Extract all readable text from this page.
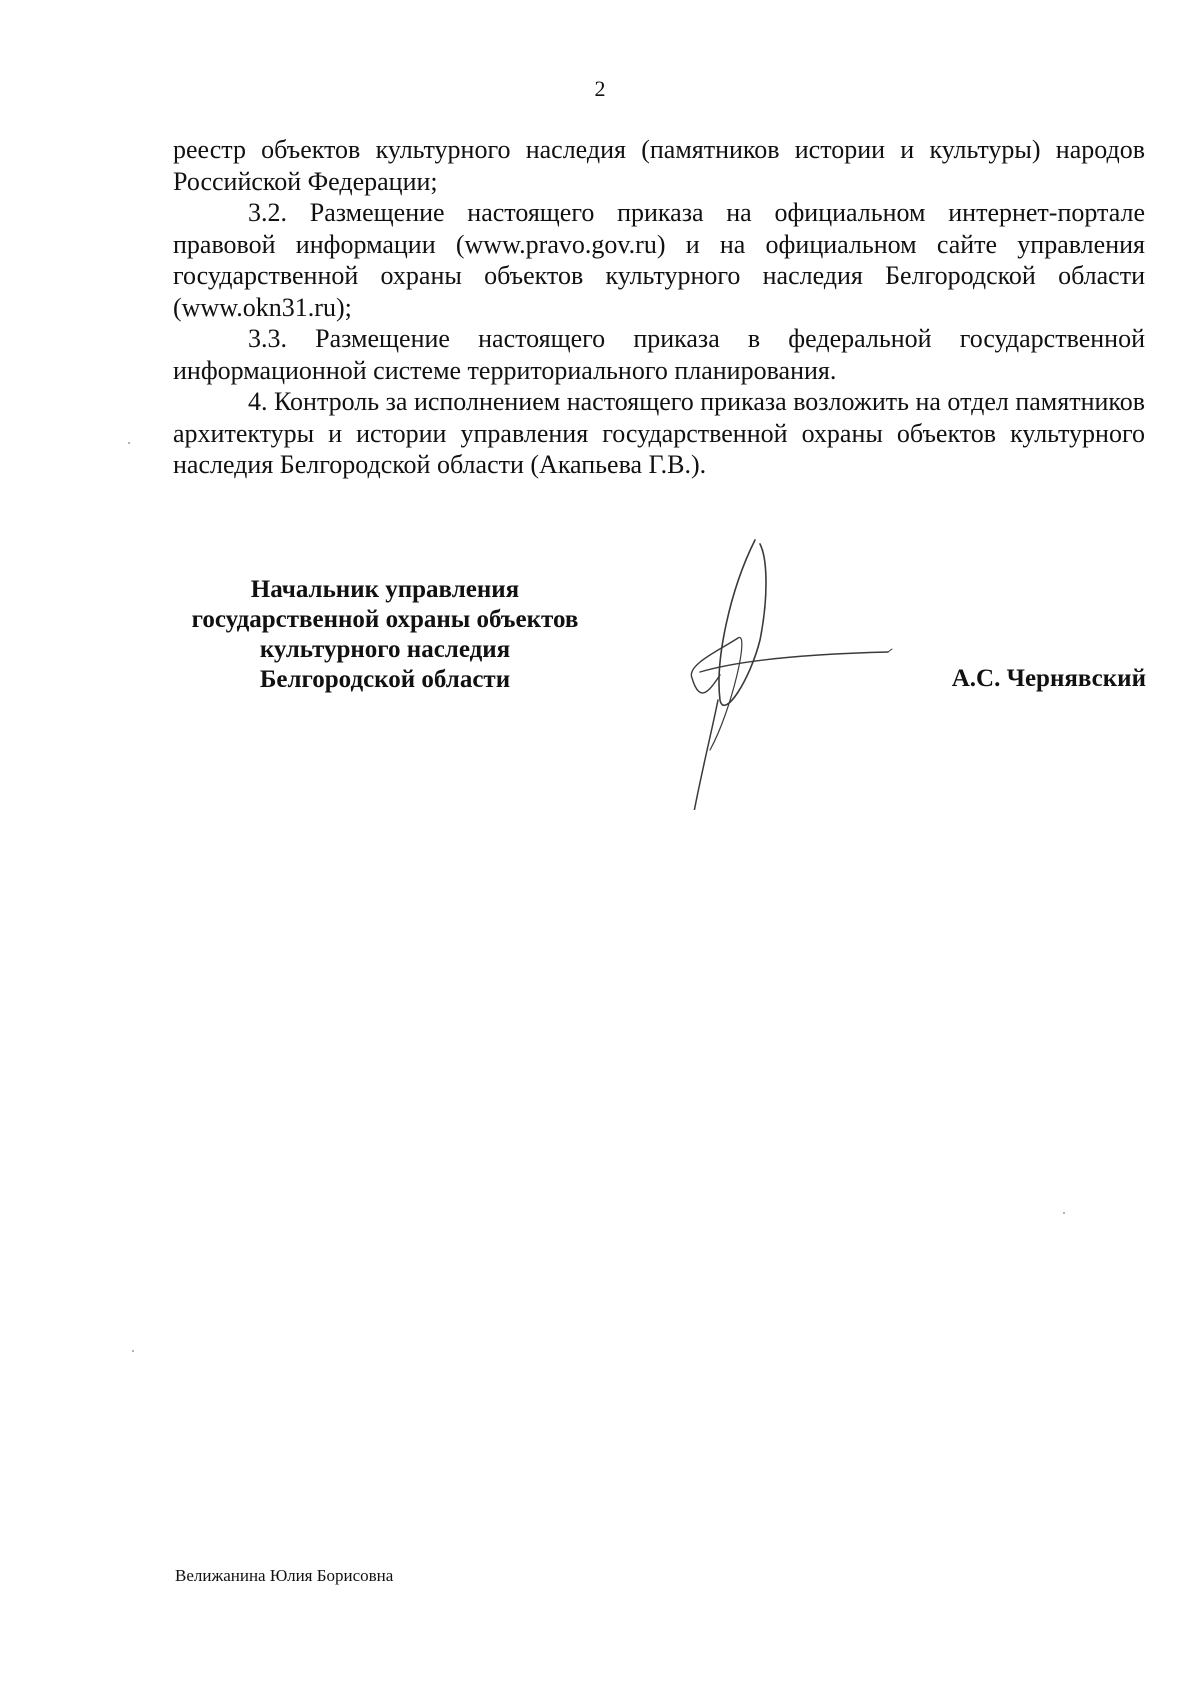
2

реестр объектов культурного наследия (памятников истории и культуры) народов Российской Федерации;

3.2. Размещение настоящего приказа на официальном интернет-портале правовой информации (www.pravo.gov.ru) и на официальном сайте управления государственной охраны объектов культурного наследия Белгородской области (www.okn31.ru);

3.3. Размещение настоящего приказа в федеральной государственной информационной системе территориального планирования.

4. Контроль за исполнением настоящего приказа возложить на отдел памятников архитектуры и истории управления государственной охраны объектов культурного наследия Белгородской области (Акапьева Г.В.).

Начальник управления
государственной охраны объектов
культурного наследия
Белгородской области	А.С. Чернявский
Велижанина Юлия Борисовна
